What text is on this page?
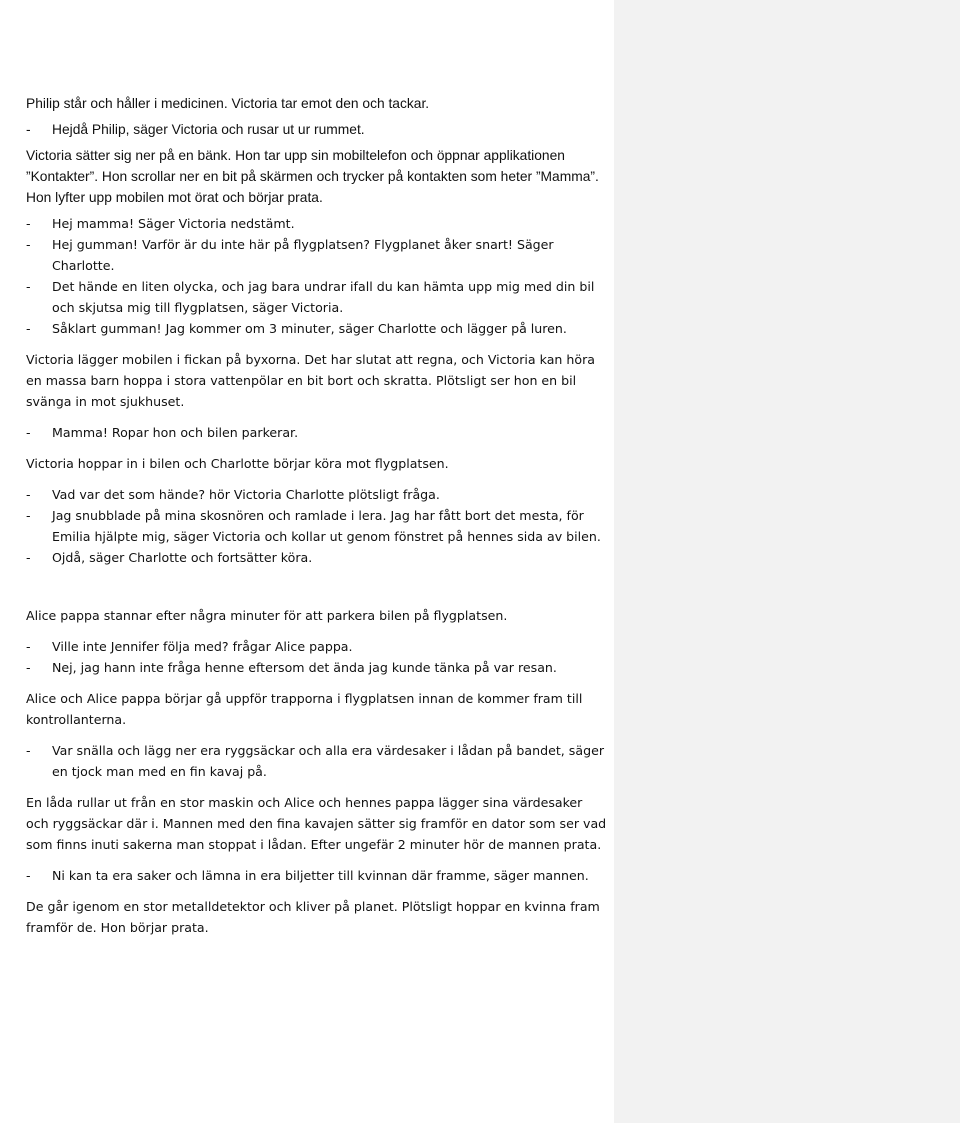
Philip står och håller i medicinen. Victoria tar emot den och tackar.

- Hejdå Philip, säger Victoria och rusar ut ur rummet.

Victoria sätter sig ner på en bänk. Hon tar upp sin mobiltelefon och öppnar applikationen ”Kontakter”. Hon scrollar ner en bit på skärmen och trycker på kontakten som heter ”Mamma”. Hon lyfter upp mobilen mot örat och börjar prata.

- Hej mamma! Säger Victoria nedstämt.

- Hej gumman! Varför är du inte här på flygplatsen? Flygplanet åker snart! Säger Charlotte.

- Det hände en liten olycka, och jag bara undrar ifall du kan hämta upp mig med din bil och skjutsa mig till flygplatsen, säger Victoria.

- Såklart gumman! Jag kommer om 3 minuter, säger Charlotte och lägger på luren.

Victoria lägger mobilen i fickan på byxorna. Det har slutat att regna, och Victoria kan höra en massa barn hoppa i stora vattenpölar en bit bort och skratta. Plötsligt ser hon en bil svänga in mot sjukhuset.

- Mamma! Ropar hon och bilen parkerar.

Victoria hoppar in i bilen och Charlotte börjar köra mot flygplatsen.

- Vad var det som hände? hör Victoria Charlotte plötsligt fråga.

- Jag snubblade på mina skosnören och ramlade i lera. Jag har fått bort det mesta, för Emilia hjälpte mig, säger Victoria och kollar ut genom fönstret på hennes sida av bilen.

- Ojdå, säger Charlotte och fortsätter köra.

Alice pappa stannar efter några minuter för att parkera bilen på flygplatsen.

- Ville inte Jennifer följa med? frågar Alice pappa.

- Nej, jag hann inte fråga henne eftersom det ända jag kunde tänka på var resan.

Alice och Alice pappa börjar gå uppför trapporna i flygplatsen innan de kommer fram till kontrollanterna.

- Var snälla och lägg ner era ryggsäckar och alla era värdesaker i lådan på bandet, säger en tjock man med en fin kavaj på.

En låda rullar ut från en stor maskin och Alice och hennes pappa lägger sina värdesaker och ryggsäckar där i. Mannen med den fina kavajen sätter sig framför en dator som ser vad som finns inuti sakerna man stoppat i lådan. Efter ungefär 2 minuter hör de mannen prata.

- Ni kan ta era saker och lämna in era biljetter till kvinnan där framme, säger mannen.

De går igenom en stor metalldetektor och kliver på planet. Plötsligt hoppar en kvinna fram framför de. Hon börjar prata.
